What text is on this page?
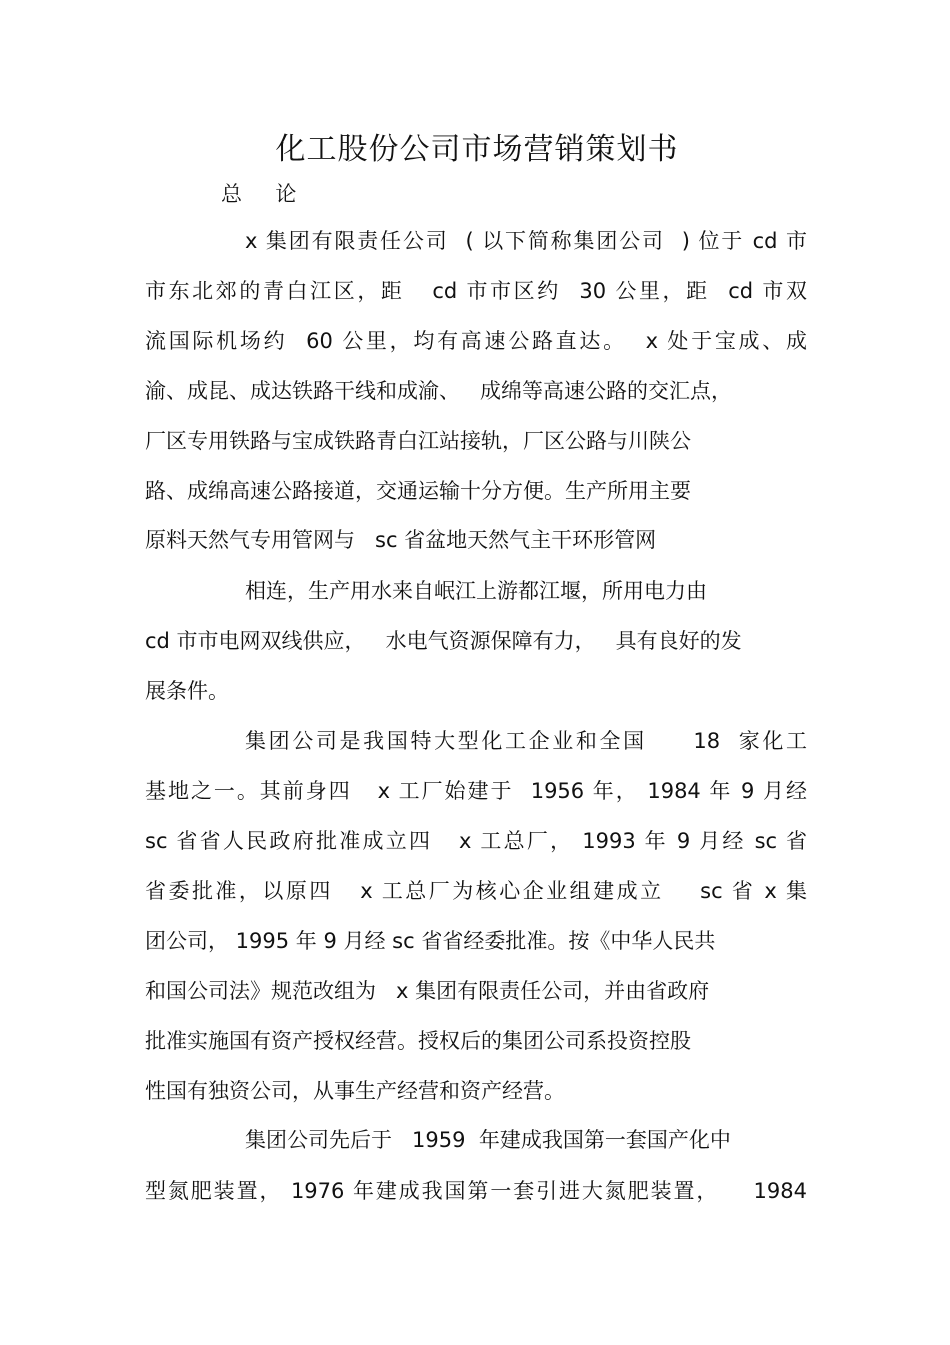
化工股份公司市场营销策划书
总  论
x 集团有限责任公司  ( 以下简称集团公司  ) 位于 cd 市
市东北郊的青白江区，距   cd 市市区约  30 公里，距  cd 市双
流国际机场约  60 公里，均有高速公路直达。  x 处于宝成、成
渝、成昆、成达铁路干线和成渝、   成绵等高速公路的交汇点，
厂区专用铁路与宝成铁路青白江站接轨，厂区公路与川陕公
路、成绵高速公路接道，交通运输十分方便。生产所用主要
原料天然气专用管网与   sc 省盆地天然气主干环形管网
相连，生产用水来自岷江上游都江堰，所用电力由
cd 市市电网双线供应，   水电气资源保障有力，   具有良好的发
展条件。
集团公司是我国特大型化工企业和全国     18  家化工
基地之一。其前身四   x 工厂始建于  1956 年， 1984 年 9 月经
sc 省省人民政府批准成立四   x 工总厂， 1993 年 9 月经 sc 省
省委批准，以原四   x 工总厂为核心企业组建成立    sc 省 x 集
团公司， 1995 年 9 月经 sc 省省经委批准。按《中华人民共
和国公司法》规范改组为   x 集团有限责任公司，并由省政府
批准实施国有资产授权经营。授权后的集团公司系投资控股
性国有独资公司，从事生产经营和资产经营。
集团公司先后于   1959  年建成我国第一套国产化中
型氮肥装置， 1976 年建成我国第一套引进大氮肥装置，    1984
